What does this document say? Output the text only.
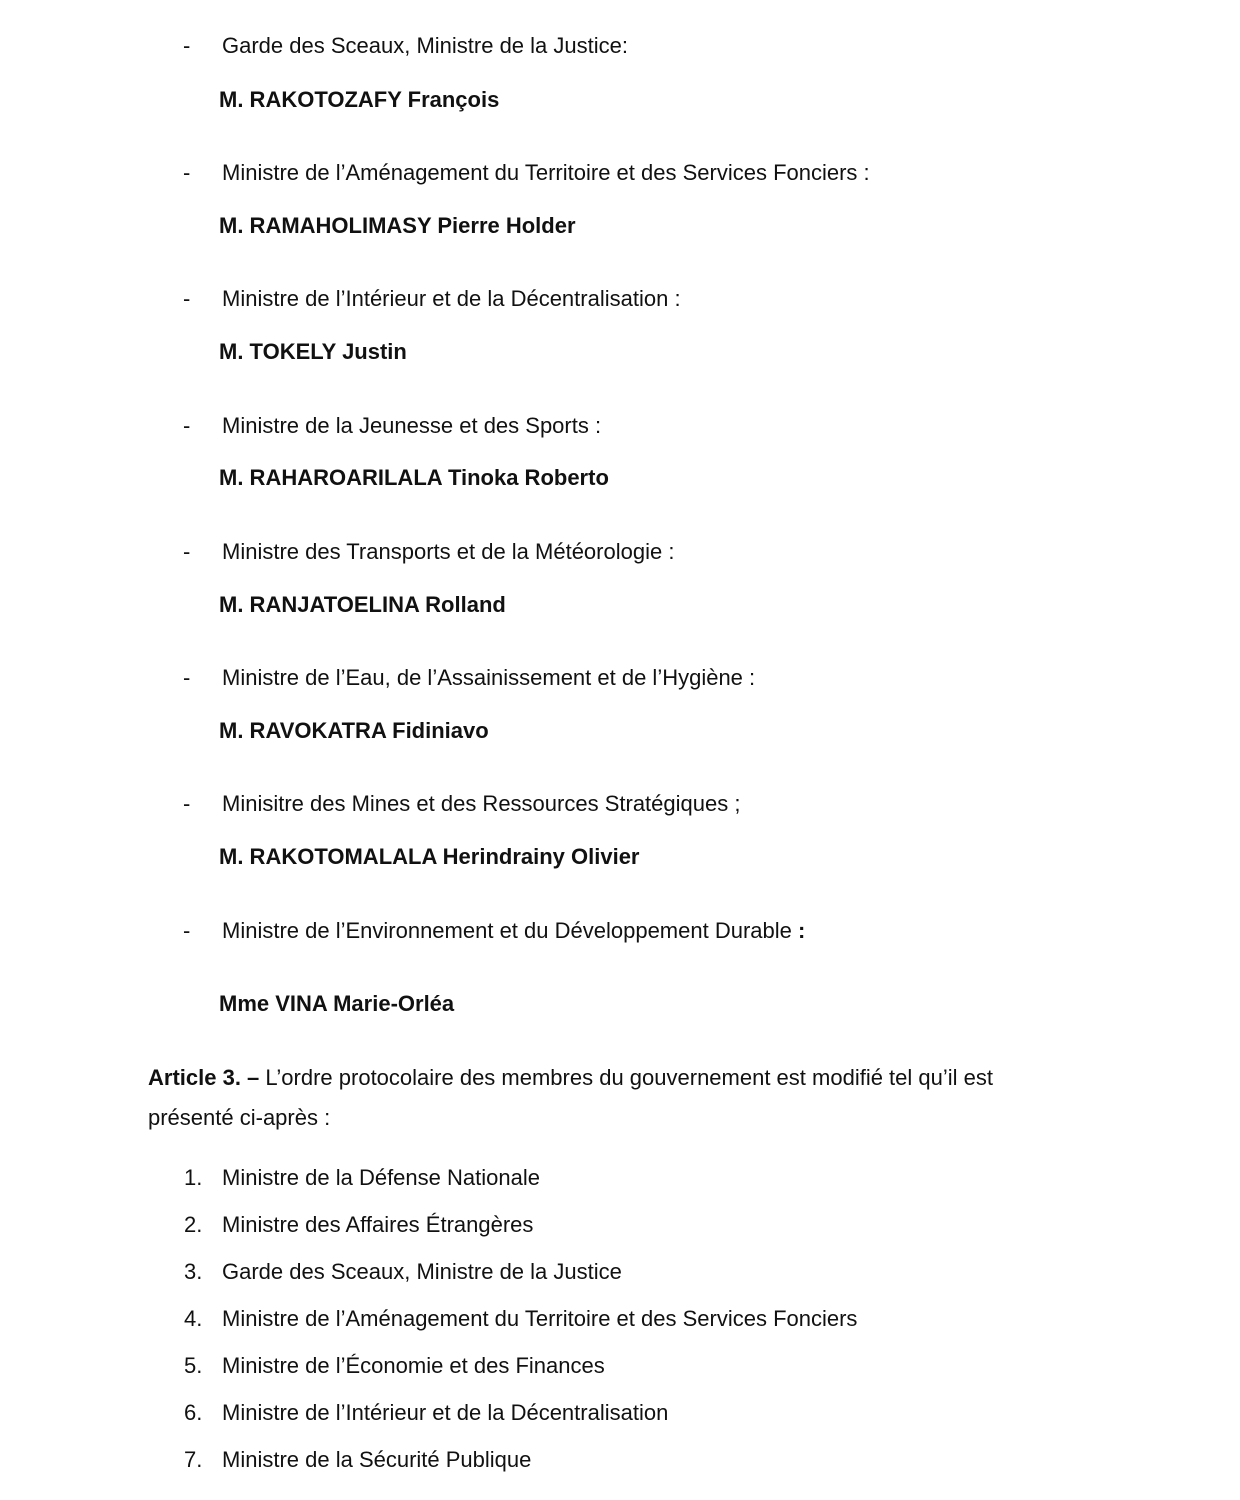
- Garde des Sceaux, Ministre de la Justice:
M. RAKOTOZAFY François
- Ministre de l’Aménagement du Territoire et des Services Fonciers :
M. RAMAHOLIMASY Pierre Holder
- Ministre de l’Intérieur et de la Décentralisation :
M. TOKELY Justin
- Ministre de la Jeunesse et des Sports :
M. RAHAROARILALA Tinoka Roberto
- Ministre des Transports et de la Météorologie :
M. RANJATOELINA Rolland
- Ministre de l’Eau, de l’Assainissement et de l’Hygiène :
M. RAVOKATRA Fidiniavo
- Minisitre des Mines et des Ressources Stratégiques ;
M. RAKOTOMALALA Herindrainy Olivier
- Ministre de l’Environnement et du Développement Durable :
Mme VINA Marie-Orléa
Article 3. – L’ordre protocolaire des membres du gouvernement est modifié tel qu’il est
présenté ci-après :
1. Ministre de la Défense Nationale
2. Ministre des Affaires Étrangères
3. Garde des Sceaux, Ministre de la Justice
4. Ministre de l’Aménagement du Territoire et des Services Fonciers
5. Ministre de l’Économie et des Finances
6. Ministre de l’Intérieur et de la Décentralisation
7. Ministre de la Sécurité Publique
